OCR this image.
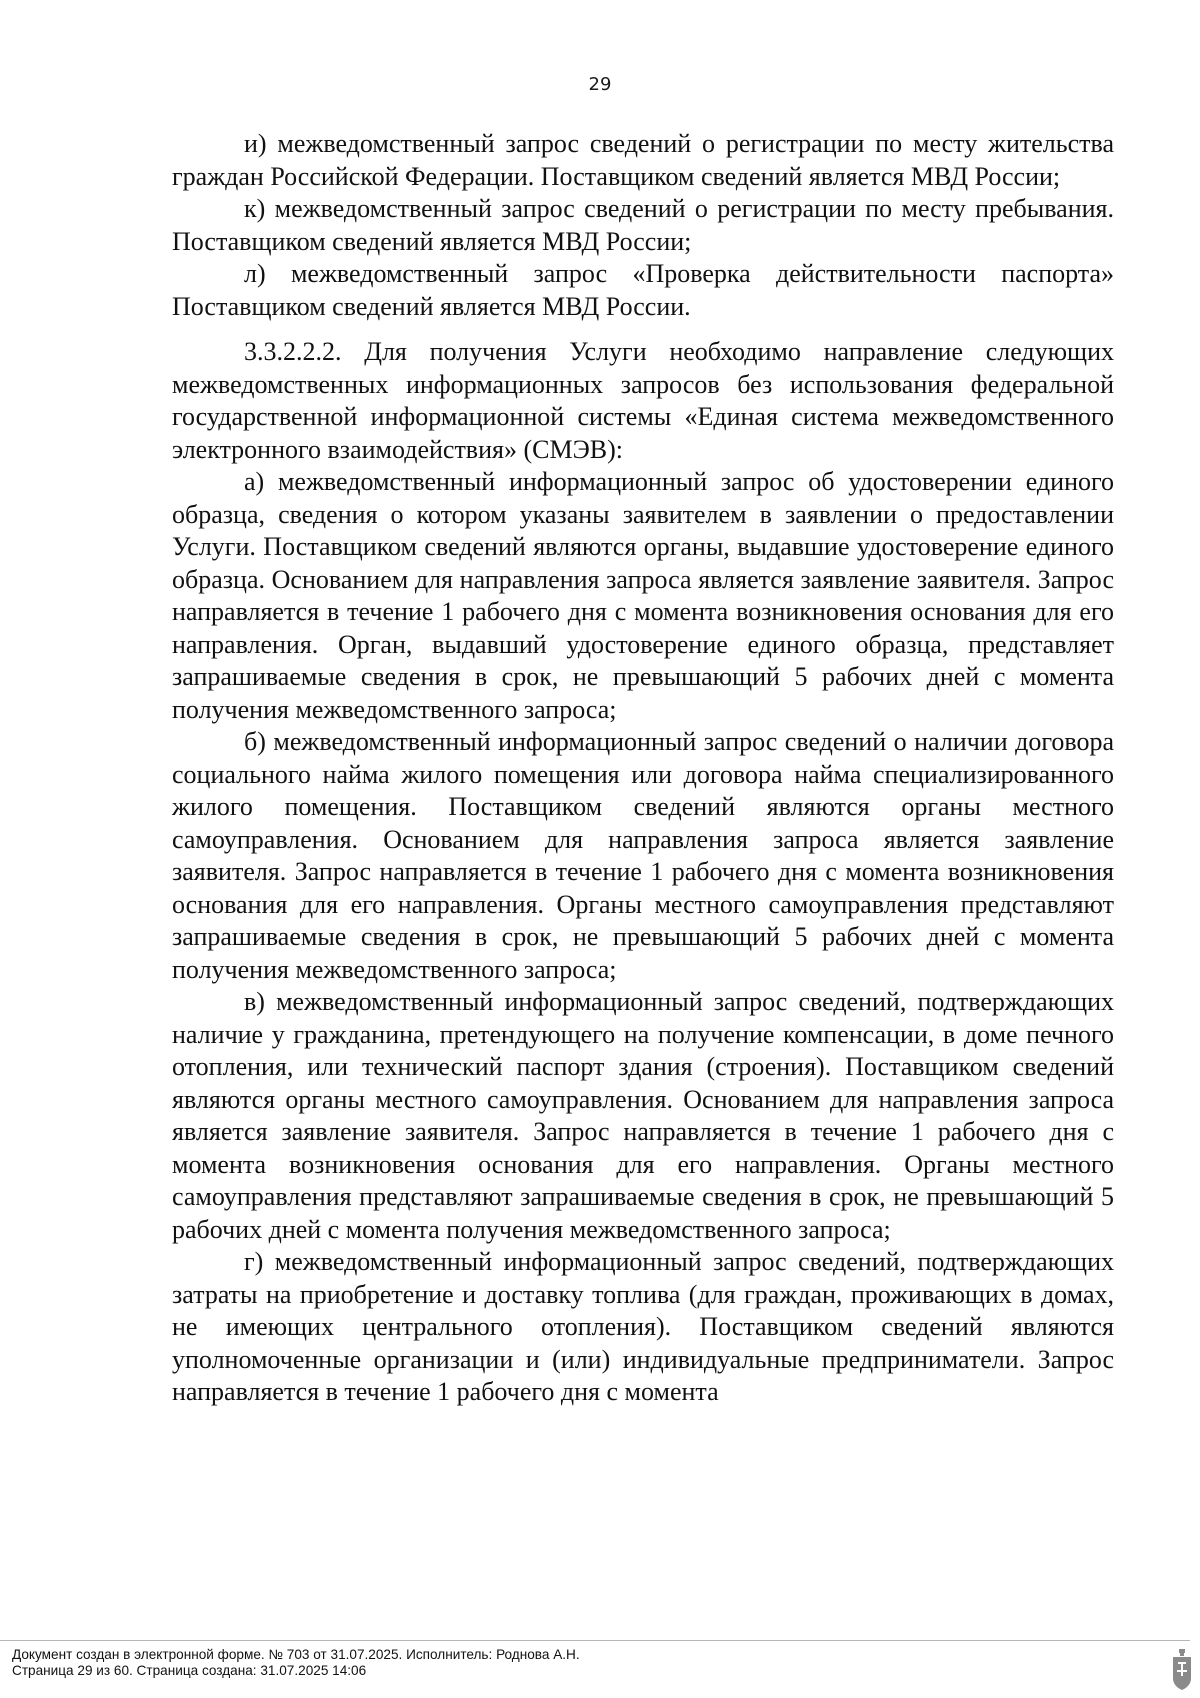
29

и) межведомственный запрос сведений о регистрации по месту жительства граждан Российской Федерации. Поставщиком сведений является МВД России;

к) межведомственный запрос сведений о регистрации по месту пребывания. Поставщиком сведений является МВД России;

л) межведомственный запрос «Проверка действительности паспорта» Поставщиком сведений является МВД России.

3.3.2.2.2. Для получения Услуги необходимо направление следующих межведомственных информационных запросов без использования федеральной государственной информационной системы «Единая система межведомственного электронного взаимодействия» (СМЭВ):

а) межведомственный информационный запрос об удостоверении единого образца, сведения о котором указаны заявителем в заявлении о предоставлении Услуги. Поставщиком сведений являются органы, выдавшие удостоверение единого образца. Основанием для направления запроса является заявление заявителя. Запрос направляется в течение 1 рабочего дня с момента возникновения основания для его направления. Орган, выдавший удостоверение единого образца, представляет запрашиваемые сведения в срок, не превышающий 5 рабочих дней с момента получения межведомственного запроса;

б) межведомственный информационный запрос сведений о наличии договора социального найма жилого помещения или договора найма специализированного жилого помещения. Поставщиком сведений являются органы местного самоуправления. Основанием для направления запроса является заявление заявителя. Запрос направляется в течение 1 рабочего дня с момента возникновения основания для его направления. Органы местного самоуправления представляют запрашиваемые сведения в срок, не превышающий 5 рабочих дней с момента получения межведомственного запроса;

в) межведомственный информационный запрос сведений, подтверждающих наличие у гражданина, претендующего на получение компенсации, в доме печного отопления, или технический паспорт здания (строения). Поставщиком сведений являются органы местного самоуправления. Основанием для направления запроса является заявление заявителя. Запрос направляется в течение 1 рабочего дня с момента возникновения основания для его направления. Органы местного самоуправления представляют запрашиваемые сведения в срок, не превышающий 5 рабочих дней с момента получения межведомственного запроса;

г) межведомственный информационный запрос сведений, подтверждающих затраты на приобретение и доставку топлива (для граждан, проживающих в домах, не имеющих центрального отопления). Поставщиком сведений являются уполномоченные организации и (или) индивидуальные предприниматели. Запрос направляется в течение 1 рабочего дня с момента

Документ создан в электронной форме. № 703 от 31.07.2025. Исполнитель: Роднова А.Н.
Страница 29 из 60. Страница создана: 31.07.2025 14:06
